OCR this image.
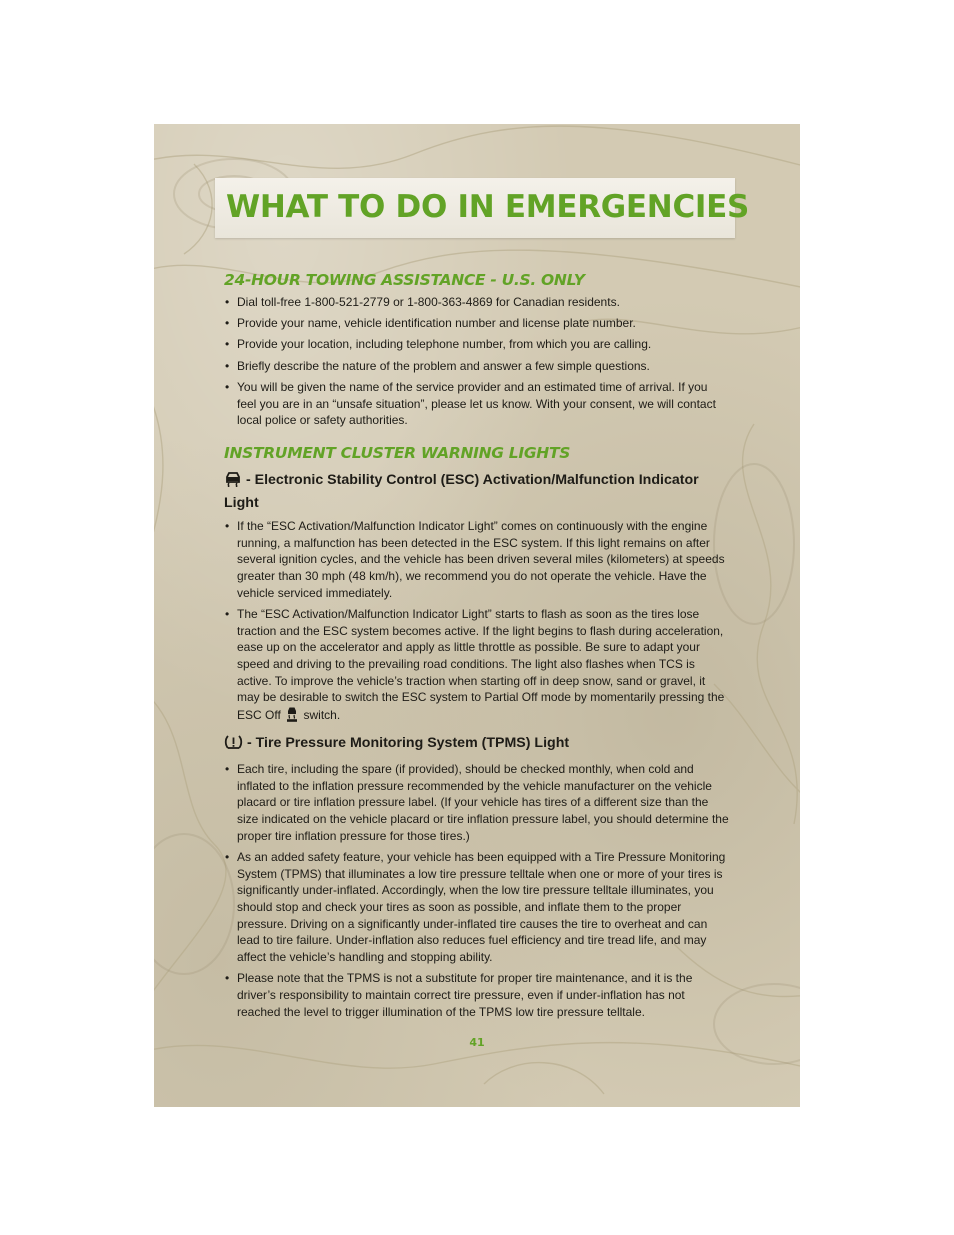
WHAT TO DO IN EMERGENCIES
24-HOUR TOWING ASSISTANCE - U.S. ONLY
• Dial toll-free 1-800-521-2779 or 1-800-363-4869 for Canadian residents.
• Provide your name, vehicle identification number and license plate number.
• Provide your location, including telephone number, from which you are calling.
• Briefly describe the nature of the problem and answer a few simple questions.
• You will be given the name of the service provider and an estimated time of arrival. If you feel you are in an “unsafe situation”, please let us know. With your consent, we will contact local police or safety authorities.
INSTRUMENT CLUSTER WARNING LIGHTS
- Electronic Stability Control (ESC) Activation/Malfunction Indicator Light
• If the “ESC Activation/Malfunction Indicator Light” comes on continuously with the engine running, a malfunction has been detected in the ESC system. If this light remains on after several ignition cycles, and the vehicle has been driven several miles (kilometers) at speeds greater than 30 mph (48 km/h), we recommend you do not operate the vehicle. Have the vehicle serviced immediately.
• The “ESC Activation/Malfunction Indicator Light” starts to flash as soon as the tires lose traction and the ESC system becomes active. If the light begins to flash during acceleration, ease up on the accelerator and apply as little throttle as possible. Be sure to adapt your speed and driving to the prevailing road conditions. The light also flashes when TCS is active. To improve the vehicle’s traction when starting off in deep snow, sand or gravel, it may be desirable to switch the ESC system to Partial Off mode by momentarily pressing the ESC Off switch.
- Tire Pressure Monitoring System (TPMS) Light
• Each tire, including the spare (if provided), should be checked monthly, when cold and inflated to the inflation pressure recommended by the vehicle manufacturer on the vehicle placard or tire inflation pressure label. (If your vehicle has tires of a different size than the size indicated on the vehicle placard or tire inflation pressure label, you should determine the proper tire inflation pressure for those tires.)
• As an added safety feature, your vehicle has been equipped with a Tire Pressure Monitoring System (TPMS) that illuminates a low tire pressure telltale when one or more of your tires is significantly under-inflated. Accordingly, when the low tire pressure telltale illuminates, you should stop and check your tires as soon as possible, and inflate them to the proper pressure. Driving on a significantly under-inflated tire causes the tire to overheat and can lead to tire failure. Under-inflation also reduces fuel efficiency and tire tread life, and may affect the vehicle’s handling and stopping ability.
• Please note that the TPMS is not a substitute for proper tire maintenance, and it is the driver’s responsibility to maintain correct tire pressure, even if under-inflation has not reached the level to trigger illumination of the TPMS low tire pressure telltale.
41
